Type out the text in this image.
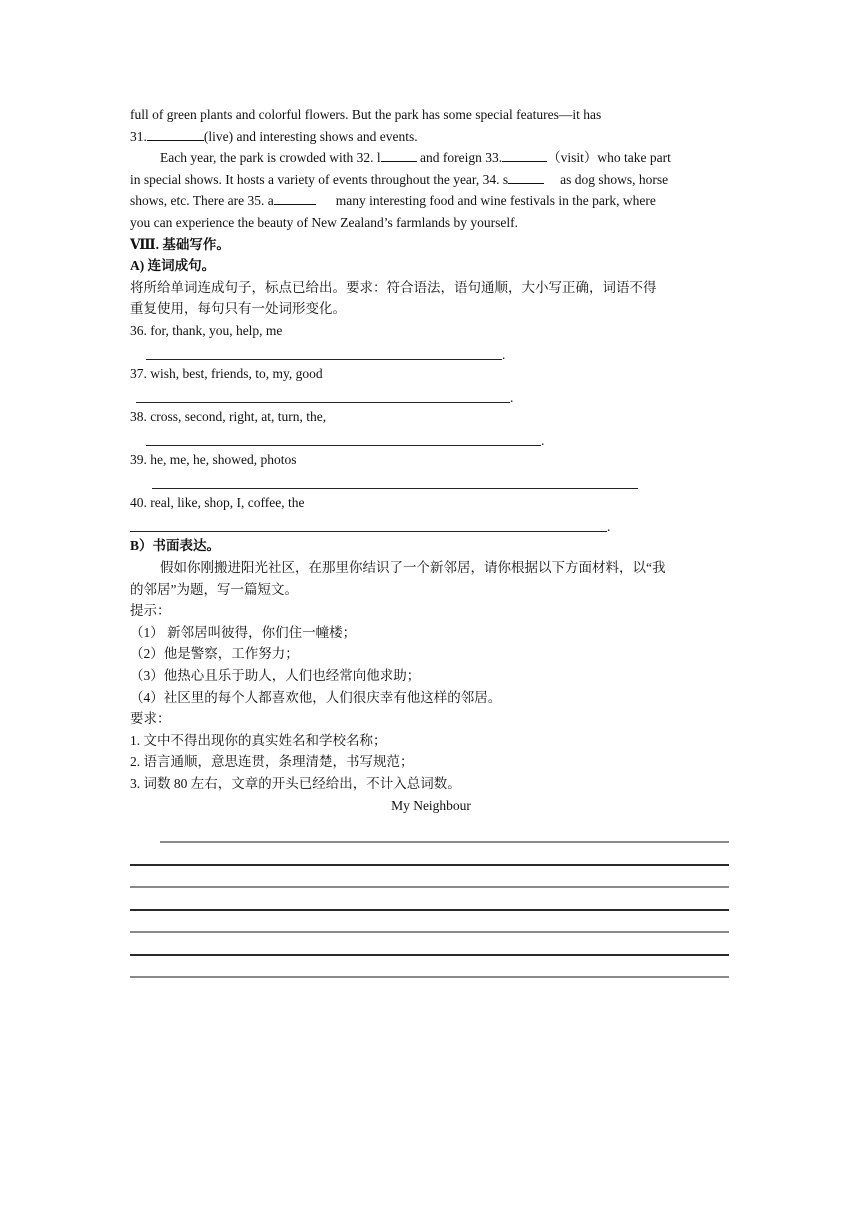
full of green plants and colorful flowers. But the park has some special features—it has
31.	(live) and interesting shows and events.
Each year, the park is crowded with 32. l	and foreign 33.	（visit）who take part
in special shows. It hosts a variety of events throughout the year, 34. s	as dog shows, horse
shows, etc. There are 35. a	many interesting food and wine festivals in the park, where
you can experience the beauty of New Zealand’s farmlands by yourself.
Ⅷ. 基础写作。
A) 连词成句。
将所给单词连成句子，标点已给出。要求：符合语法，语句通顺，大小写正确，词语不得
重复使用，每句只有一处词形变化。
36. for, thank, you, help, me
.
37. wish, best, friends, to, my, good
.
38. cross, second, right, at, turn, the,
.
39. he, me, he, showed, photos
40. real, like, shop, I, coffee, the
.
B）书面表达。
假如你刚搬进阳光社区，在那里你结识了一个新邻居，请你根据以下方面材料，以“我
的邻居”为题，写一篇短文。
提示：
（1） 新邻居叫彼得，你们住一幢楼；
（2）他是警察，工作努力；
（3）他热心且乐于助人，人们也经常向他求助；
（4）社区里的每个人都喜欢他，人们很庆幸有他这样的邻居。
要求：
1. 文中不得出现你的真实姓名和学校名称；
2. 语言通顺，意思连贯，条理清楚，书写规范；
3. 词数 80 左右，文章的开头已经给出，不计入总词数。
My Neighbour
